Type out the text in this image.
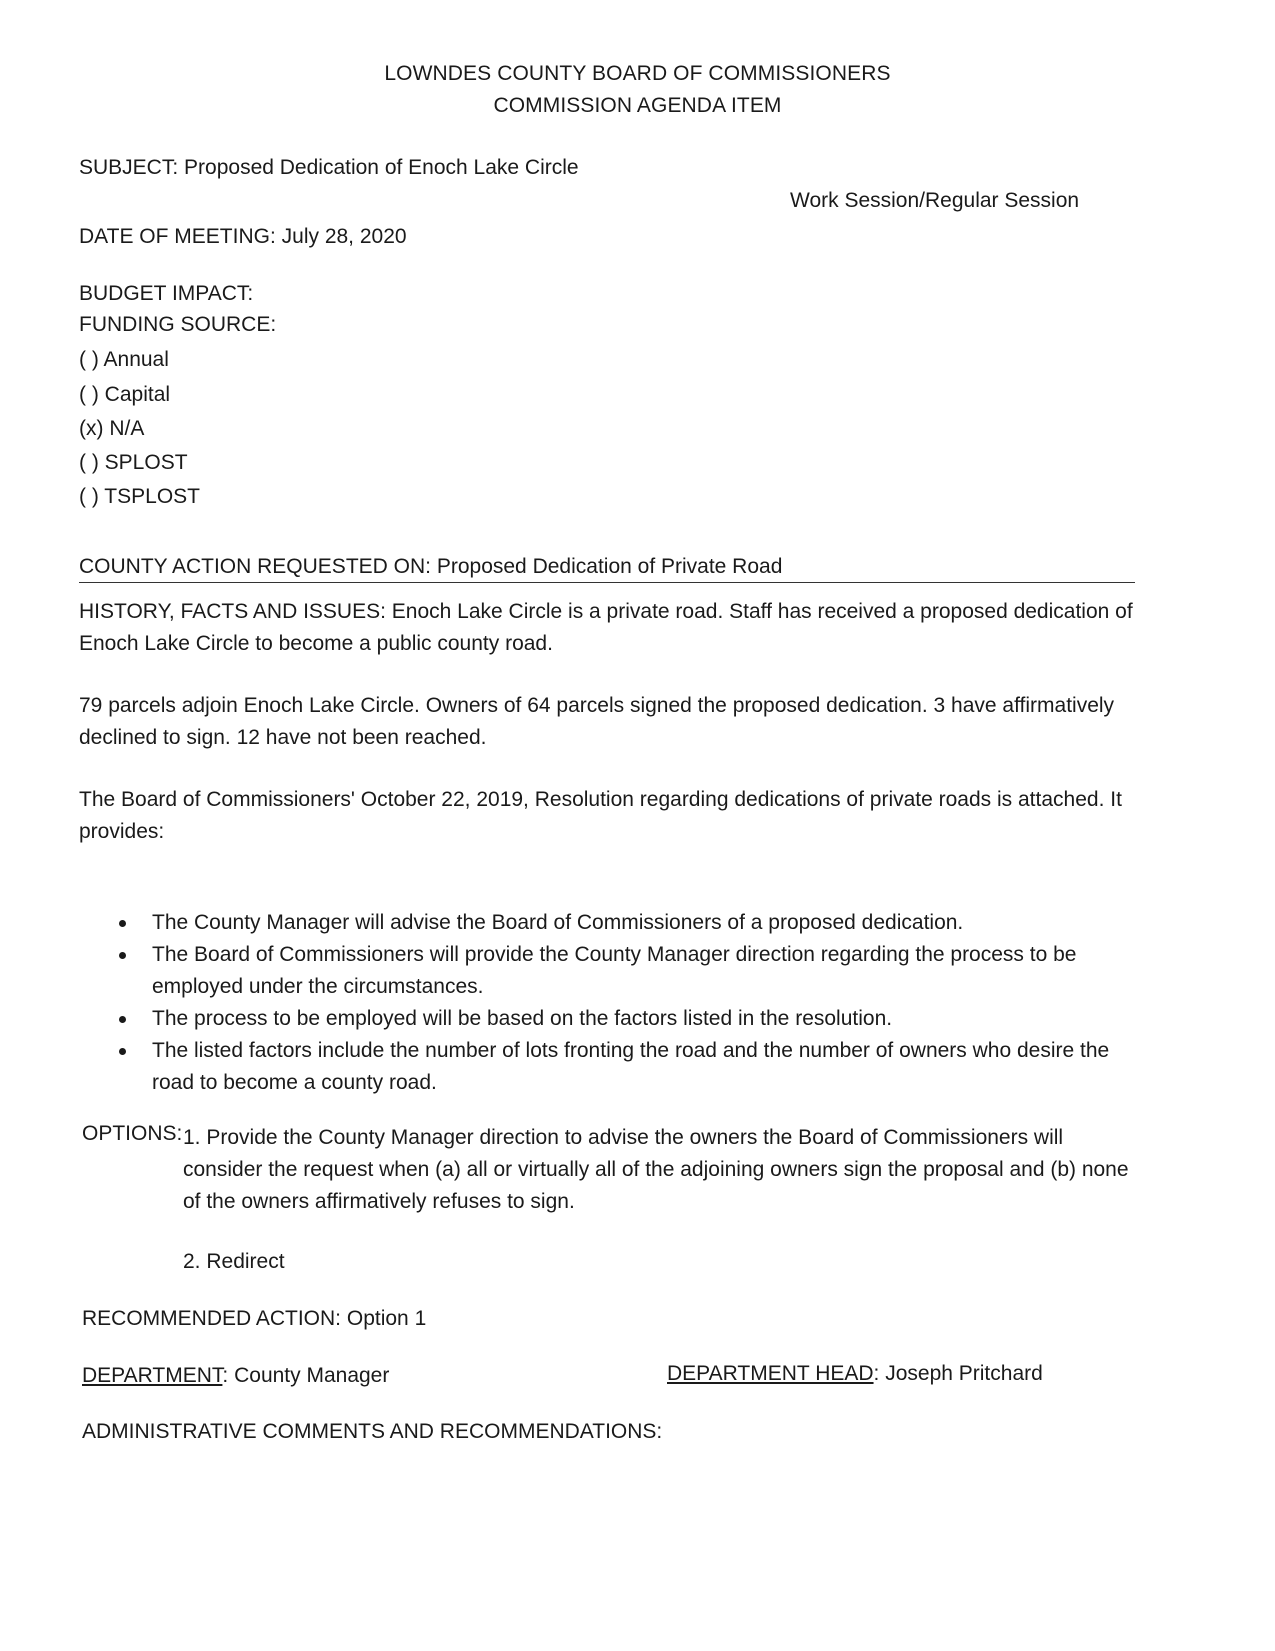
LOWNDES COUNTY BOARD OF COMMISSIONERS
COMMISSION AGENDA ITEM
SUBJECT: Proposed Dedication of Enoch Lake Circle
Work Session/Regular Session
DATE OF MEETING: July 28, 2020
BUDGET IMPACT:
FUNDING SOURCE:
( ) Annual
( ) Capital
(x) N/A
( ) SPLOST
( ) TSPLOST
COUNTY ACTION REQUESTED ON: Proposed Dedication of Private Road
HISTORY, FACTS AND ISSUES: Enoch Lake Circle is a private road. Staff has received a proposed dedication of Enoch Lake Circle to become a public county road.
79 parcels adjoin Enoch Lake Circle. Owners of 64 parcels signed the proposed dedication. 3 have affirmatively declined to sign. 12 have not been reached.
The Board of Commissioners' October 22, 2019, Resolution regarding dedications of private roads is attached. It provides:
The County Manager will advise the Board of Commissioners of a proposed dedication.
The Board of Commissioners will provide the County Manager direction regarding the process to be employed under the circumstances.
The process to be employed will be based on the factors listed in the resolution.
The listed factors include the number of lots fronting the road and the number of owners who desire the road to become a county road.
OPTIONS: 1. Provide the County Manager direction to advise the owners the Board of Commissioners will consider the request when (a) all or virtually all of the adjoining owners sign the proposal and (b) none of the owners affirmatively refuses to sign.
2. Redirect
RECOMMENDED ACTION: Option 1
DEPARTMENT: County Manager	DEPARTMENT HEAD: Joseph Pritchard
ADMINISTRATIVE COMMENTS AND RECOMMENDATIONS:
